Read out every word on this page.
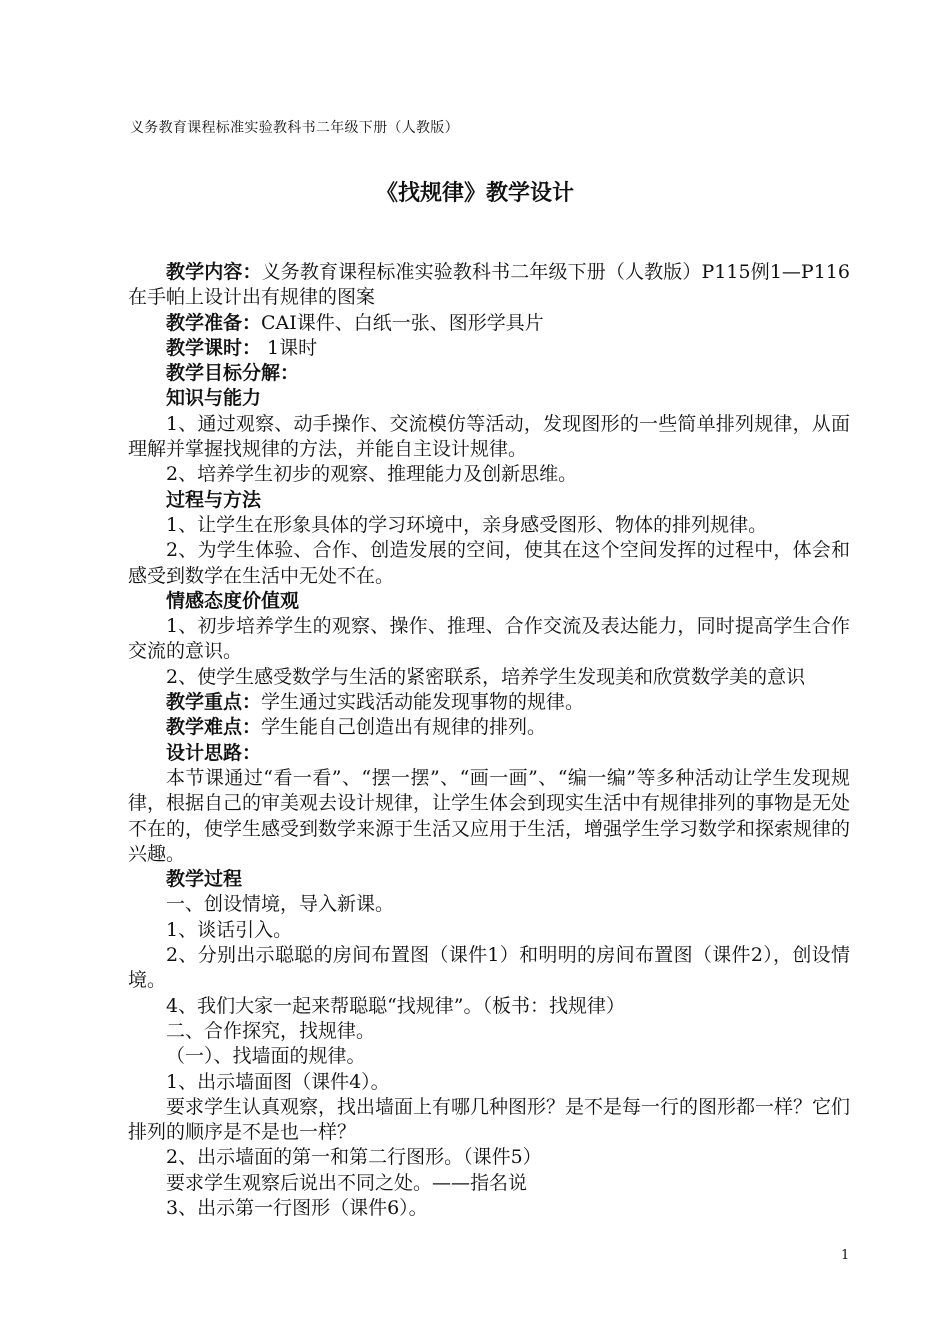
义务教育课程标准实验教科书二年级下册（人教版）
《找规律》教学设计

教学内容：义务教育课程标准实验教科书二年级下册（人教版）P115例1—P116在手帕上设计出有规律的图案

教学准备：CAI课件、白纸一张、图形学具片

教学课时： 1课时

教学目标分解：

知识与能力

1、通过观察、动手操作、交流模仿等活动，发现图形的一些简单排列规律，从面理解并掌握找规律的方法，并能自主设计规律。

2、培养学生初步的观察、推理能力及创新思维。

过程与方法

1、让学生在形象具体的学习环境中，亲身感受图形、物体的排列规律。

2、为学生体验、合作、创造发展的空间，使其在这个空间发挥的过程中，体会和感受到数学在生活中无处不在。

情感态度价值观

1、初步培养学生的观察、操作、推理、合作交流及表达能力，同时提高学生合作交流的意识。

2、使学生感受数学与生活的紧密联系，培养学生发现美和欣赏数学美的意识

教学重点：学生通过实践活动能发现事物的规律。

教学难点：学生能自己创造出有规律的排列。

设计思路：

本节课通过“看一看”、“摆一摆”、“画一画”、“编一编”等多种活动让学生发现规律，根据自己的审美观去设计规律，让学生体会到现实生活中有规律排列的事物是无处不在的，使学生感受到数学来源于生活又应用于生活，增强学生学习数学和探索规律的兴趣。

教学过程

一、创设情境，导入新课。

1、谈话引入。

2、分别出示聪聪的房间布置图（课件1）和明明的房间布置图（课件2），创设情境。

4、我们大家一起来帮聪聪“找规律”。（板书：找规律）

二、合作探究，找规律。

（一）、找墙面的规律。

1、出示墙面图（课件4）。

要求学生认真观察，找出墙面上有哪几种图形？是不是每一行的图形都一样？它们排列的顺序是不是也一样？

2、出示墙面的第一和第二行图形。（课件5）

要求学生观察后说出不同之处。——指名说

3、出示第一行图形（课件6）。

1
